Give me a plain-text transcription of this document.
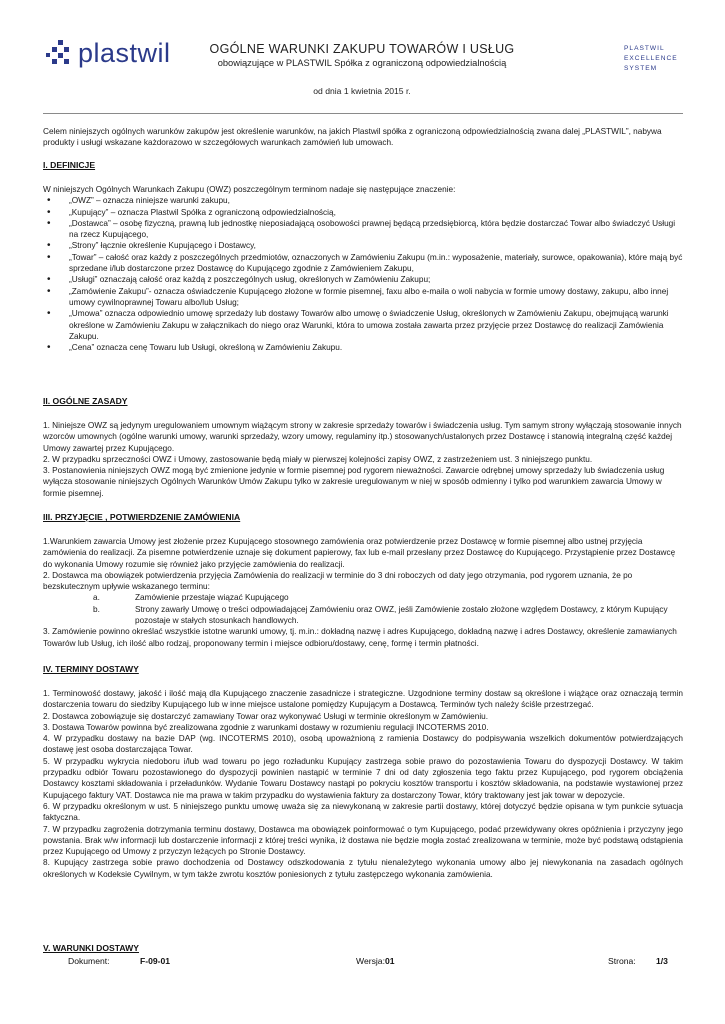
plastwil	OGÓLNE WARUNKI ZAKUPU TOWARÓW I USŁUG
obowiązujące w PLASTWIL Spółka z ograniczoną odpowiedzialnością
od dnia 1 kwietnia 2015 r.
PLASTWIL
EXCELLENCE
SYSTEM
Celem niniejszych ogólnych warunków zakupów jest określenie warunków, na jakich Plastwil spółka z ograniczoną odpowiedzialnością zwana dalej „PLASTWIL”, nabywa produkty i usługi wskazane każdorazowo w szczegółowych warunkach zamówień lub umowach.
I. DEFINICJE

W niniejszych Ogólnych Warunkach Zakupu (OWZ) poszczególnym terminom nadaje się następujące znaczenie:

• „OWZ” – oznacza niniejsze warunki zakupu,
• „Kupujący” – oznacza Plastwil Spółka z ograniczoną odpowiedzialnością,
• „Dostawca” – osobę fizyczną, prawną lub jednostkę nieposiadającą osobowości prawnej będącą przedsiębiorcą, która będzie dostarczać Towar albo świadczyć Usługi na rzecz Kupującego,
• „Strony” łącznie określenie Kupującego i Dostawcy,
• „Towar” – całość oraz każdy z poszczególnych przedmiotów, oznaczonych w Zamówieniu Zakupu (m.in.: wyposażenie, materiały, surowce, opakowania), które mają być sprzedane i/lub dostarczone przez Dostawcę do Kupującego zgodnie z Zamówieniem Zakupu,
• „Usługi” oznaczają całość oraz każdą z poszczególnych usług, określonych w Zamówieniu Zakupu;
• „Zamówienie Zakupu”- oznacza oświadczenie Kupującego złożone w formie pisemnej, faxu albo e-maila o woli nabycia w formie umowy dostawy, zakupu, albo innej umowy cywilnoprawnej Towaru albo/lub Usług;
• „Umowa” oznacza odpowiednio umowę sprzedaży lub dostawy Towarów albo umowę o świadczenie Usług, określonych w Zamówieniu Zakupu, obejmującą warunki określone w Zamówieniu Zakupu w załącznikach do niego oraz Warunki, która to umowa została zawarta przez przyjęcie przez Dostawcę do realizacji Zamówienia Zakupu.
• „Cena” oznacza cenę Towaru lub Usługi, określoną w Zamówieniu Zakupu.
II. OGÓLNE ZASADY

1. Niniejsze OWZ są jedynym uregulowaniem umownym wiążącym strony w zakresie sprzedaży towarów i świadczenia usług. Tym samym strony wyłączają stosowanie innych wzorców umownych (ogólne warunki umowy, warunki sprzedaży, wzory umowy, regulaminy itp.) stosowanych/ustalonych przez Dostawcę i stanowią integralną część każdej Umowy zawartej przez Kupującego.

2. W przypadku sprzeczności OWZ i Umowy, zastosowanie będą miały w pierwszej kolejności zapisy OWZ, z zastrzeżeniem ust. 3 niniejszego punktu.

3. Postanowienia niniejszych OWZ mogą być zmienione jedynie w formie pisemnej pod rygorem nieważności. Zawarcie odrębnej umowy sprzedaży lub świadczenia usług wyłącza stosowanie niniejszych Ogólnych Warunków Umów Zakupu tylko w zakresie uregulowanym w niej w sposób odmienny i tylko pod warunkiem zawarcia Umowy w formie pisemnej.

III. PRZYJĘCIE , POTWIERDZENIE ZAMÓWIENIA

1.Warunkiem zawarcia Umowy jest złożenie przez Kupującego stosownego zamówienia oraz potwierdzenie przez Dostawcę w formie pisemnej albo ustnej przyjęcia zamówienia do realizacji. Za pisemne potwierdzenie uznaje się dokument papierowy, fax lub e-mail przesłany przez Dostawcę do Kupującego. Przystąpienie przez Dostawcę do wykonania Umowy rozumie się również jako przyjęcie zamówienia do realizacji.

2. Dostawca ma obowiązek potwierdzenia przyjęcia Zamówienia do realizacji w terminie do 3 dni roboczych od daty jego otrzymania, pod rygorem uznania, że po bezskutecznym upływie wskazanego terminu:

a.	Zamówienie przestaje wiązać Kupującego
b.	Strony zawarły Umowę o treści odpowiadającej Zamówieniu oraz OWZ, jeśli Zamówienie zostało złożone względem Dostawcy, z którym Kupujący pozostaje w stałych stosunkach handlowych.

3. Zamówienie powinno określać wszystkie istotne warunki umowy, tj. m.in.: dokładną nazwę i adres Kupującego, dokładną nazwę i adres Dostawcy, określenie zamawianych Towarów lub Usług, ich ilość albo rodzaj, proponowany termin i miejsce odbioru/dostawy, cenę, formę i termin płatności.

IV. TERMINY DOSTAWY

1. Terminowość dostawy, jakość i ilość mają dla Kupującego znaczenie zasadnicze i strategiczne. Uzgodnione terminy dostaw są określone i wiążące oraz oznaczają termin dostarczenia towaru do siedziby Kupującego lub w inne miejsce ustalone pomiędzy Kupującym a Dostawcą. Terminów tych należy ściśle przestrzegać.

2. Dostawca zobowiązuje się dostarczyć zamawiany Towar oraz wykonywać Usługi w terminie określonym w Zamówieniu.

3. Dostawa Towarów powinna być zrealizowana zgodnie z warunkami dostawy w rozumieniu regulacji INCOTERMS 2010.

4. W przypadku dostawy na bazie DAP (wg. INCOTERMS 2010), osobą upoważnioną z ramienia Dostawcy do podpisywania wszelkich dokumentów potwierdzających dostawę jest osoba dostarczająca Towar.

5. W przypadku wykrycia niedoboru i/lub wad towaru po jego rozładunku Kupujący zastrzega sobie prawo do pozostawienia Towaru do dyspozycji Dostawcy. W takim przypadku odbiór Towaru pozostawionego do dyspozycji powinien nastąpić w terminie 7 dni od daty zgłoszenia tego faktu przez Kupującego, pod rygorem obciążenia Dostawcy kosztami składowania i przeładunków. Wydanie Towaru Dostawcy nastąpi po pokryciu kosztów transportu i kosztów składowania, na podstawie wystawionej przez Kupującego faktury VAT. Dostawca nie ma prawa w takim przypadku do wystawienia faktury za dostarczony Towar, który traktowany jest jak towar w depozycie.

6. W przypadku określonym w ust. 5 niniejszego punktu umowę uważa się za niewykonaną w zakresie partii dostawy, której dotyczyć będzie opisana w tym punkcie sytuacja faktyczna.

7. W przypadku zagrożenia dotrzymania terminu dostawy, Dostawca ma obowiązek poinformować o tym Kupującego, podać przewidywany okres opóźnienia i przyczyny jego powstania. Brak w/w informacji lub dostarczenie informacji z której treści wynika, iż dostawa nie będzie mogła zostać zrealizowana w terminie, może być podstawą odstąpienia przez Kupującego od Umowy z przyczyn leżących po Stronie Dostawcy.

8. Kupujący zastrzega sobie prawo dochodzenia od Dostawcy odszkodowania z tytułu nienależytego wykonania umowy albo jej niewykonania na zasadach ogólnych określonych w Kodeksie Cywilnym, w tym także zwrotu kosztów poniesionych z tytułu zastępczego wykonania zamówienia.

V. WARUNKI DOSTAWY
Dokument:	F-09-01	Wersja:01	Strona: 1/3
